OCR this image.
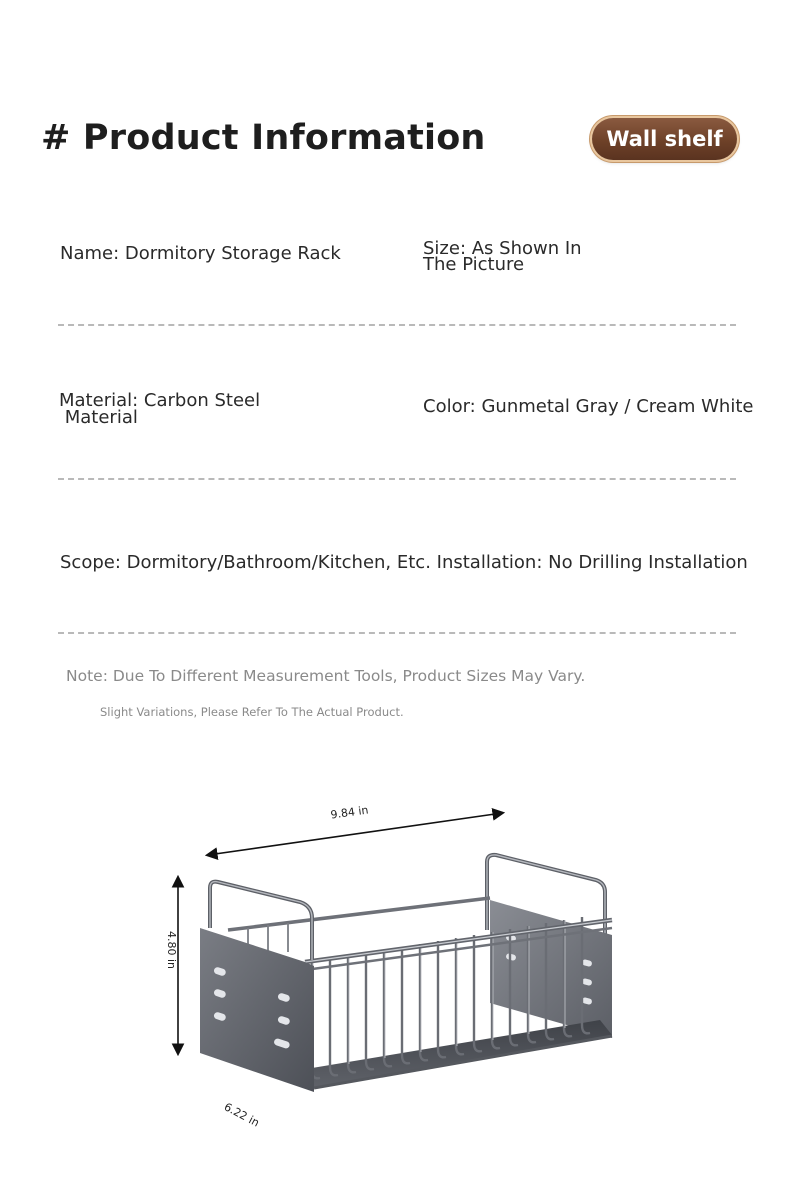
# Product Information	Wall shelf
Name: Dormitory Storage Rack	Size: As Shown In
The Picture
Material: Carbon Steel
Material
Color: Gunmetal Gray / Cream White
Scope: Dormitory/Bathroom/Kitchen, Etc. Installation: No Drilling Installation
Note: Due To Different Measurement Tools, Product Sizes May Vary.
Slight Variations, Please Refer To The Actual Product.
9.84 in
4.80 in
6.22 in
